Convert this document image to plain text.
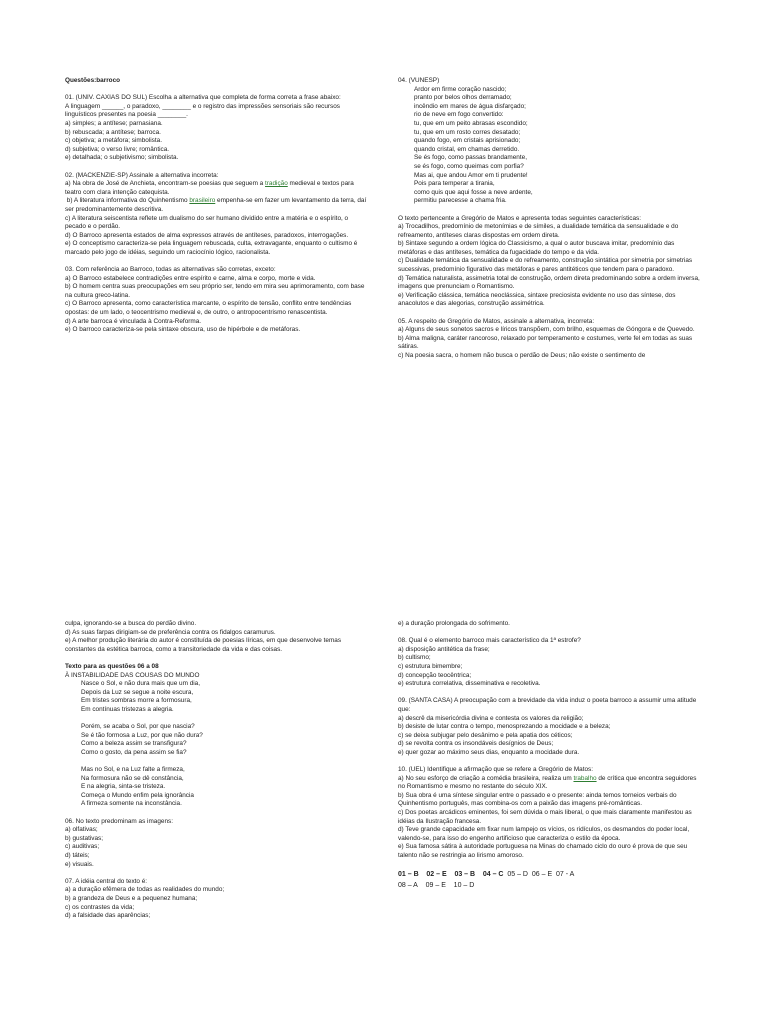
Questões:barroco

01. (UNIV. CAXIAS DO SUL) Escolha a alternativa que completa de forma correta a frase abaixo:

A linguagem ______, o paradoxo, ________ e o registro das impressões sensoriais são recursos linguísticos presentes na poesia ________.

a) simples; a antítese; parnasiana.

b) rebuscada; a antítese; barroca.

c) objetiva; a metáfora; simbolista.

d) subjetiva; o verso livre; romântica.

e) detalhada; o subjetivismo; simbolista.

02. (MACKENZIE-SP) Assinale a alternativa incorreta:

a) Na obra de José de Anchieta, encontram-se poesias que seguem a tradição medieval e textos para teatro com clara intenção catequista.

b) A literatura informativa do Quinhentismo brasileiro empenha-se em fazer um levantamento da terra, daí ser predominantemente descritiva.

c) A literatura seiscentista reflete um dualismo do ser humano dividido entre a matéria e o espírito, o pecado e o perdão.

d) O Barroco apresenta estados de alma expressos através de antíteses, paradoxos, interrogações.

e) O conceptismo caracteriza-se pela linguagem rebuscada, culta, extravagante, enquanto o cultismo é marcado pelo jogo de idéias, seguindo um raciocínio lógico, racionalista.

03. Com referência ao Barroco, todas as alternativas são corretas, exceto:

a) O Barroco estabelece contradições entre espírito e carne, alma e corpo, morte e vida.

b) O homem centra suas preocupações em seu próprio ser, tendo em mira seu aprimoramento, com base na cultura greco-latina.

c) O Barroco apresenta, como característica marcante, o espírito de tensão, conflito entre tendências opostas: de um lado, o teocentrismo medieval e, de outro, o antropocentrismo renascentista.

d) A arte barroca é vinculada à Contra-Reforma.

e) O barroco caracteriza-se pela sintaxe obscura, uso de hipérbole e de metáforas.

04. (VUNESP)

Ardor em firme coração nascido;

pranto por belos olhos derramado;

incêndio em mares de água disfarçado;

rio de neve em fogo convertido:

tu, que em um peito abrasas escondido;

tu, que em um rosto corres desatado;

quando fogo, em cristais aprisionado;

quando cristal, em chamas derretido.

Se és fogo, como passas brandamente,

se és fogo, como queimas com porfia?

Mas ai, que andou Amor em ti prudente!

Pois para temperar a tirania,

como quis que aqui fosse a neve ardente,

permitiu parecesse a chama fria.

O texto pertencente a Gregório de Matos e apresenta todas seguintes características:

a) Trocadilhos, predomínio de metonímias e de símiles, a dualidade temática da sensualidade e do refreamento, antíteses claras dispostas em ordem direta.

b) Sintaxe segundo a ordem lógica do Classicismo, a qual o autor buscava imitar, predomínio das metáforas e das antíteses, temática da fugacidade do tempo e da vida.

c) Dualidade temática da sensualidade e do refreamento, construção sintática por simetria por simetrias sucessivas, predomínio figurativo das metáforas e pares antitéticos que tendem para o paradoxo.

d) Temática naturalista, assimetria total de construção, ordem direta predominando sobre a ordem inversa, imagens que prenunciam o Romantismo.

e) Verificação clássica, temática neoclássica, sintaxe preciosista evidente no uso das síntese, dos anacolutos e das alegorias, construção assimétrica.

05. A respeito de Gregório de Matos, assinale a alternativa, incorreta:

a) Alguns de seus sonetos sacros e líricos transpõem, com brilho, esquemas de Góngora e de Quevedo.

b) Alma maligna, caráter rancoroso, relaxado por temperamento e costumes, verte fel em todas as suas sátiras.

c) Na poesia sacra, o homem não busca o perdão de Deus; não existe o sentimento de

culpa, ignorando-se a busca do perdão divino.

d) As suas farpas dirigiam-se de preferência contra os fidalgos caramurus.

e) A melhor produção literária do autor é constituída de poesias líricas, em que desenvolve temas constantes da estética barroca, como a transitoriedade da vida e das coisas.

Texto para as questões 06 a 08

À INSTABILIDADE DAS COUSAS DO MUNDO

Nasce o Sol, e não dura mais que um dia,

Depois da Luz se segue a noite escura,

Em tristes sombras morre a formosura,

Em contínuas tristezas a alegria.

Porém, se acaba o Sol, por que nascia?

Se é tão formosa a Luz, por que não dura?

Como a beleza assim se transfigura?

Como o gosto, da pena assim se fia?

Mas no Sol, e na Luz falte a firmeza,

Na formosura não se dê constância,

E na alegria, sinta-se tristeza.

Começa o Mundo enfim pela ignorância

A firmeza somente na inconstância.

06. No texto predominam as imagens:

a) olfativas;

b) gustativas;

c) auditivas;

d) táteis;

e) visuais.

07. A idéia central do texto é:

a) a duração efêmera de todas as realidades do mundo;

b) a grandeza de Deus e a pequenez humana;

c) os contrastes da vida;

d) a falsidade das aparências;

e) a duração prolongada do sofrimento.

08. Qual é o elemento barroco mais característico da 1ª estrofe?

a) disposição antitética da frase;

b) cultismo;

c) estrutura bimembre;

d) concepção teocêntrica;

e) estrutura correlativa, disseminativa e recoletiva.

09. (SANTA CASA) A preocupação com a brevidade da vida induz o poeta barroco a assumir uma atitude que:

a) descrê da misericórdia divina e contesta os valores da religião;

b) desiste de lutar contra o tempo, menosprezando a mocidade e a beleza;

c) se deixa subjugar pelo desânimo e pela apatia dos céticos;

d) se revolta contra os insondáveis desígnios de Deus;

e) quer gozar ao máximo seus dias, enquanto a mocidade dura.

10. (UEL) Identifique a afirmação que se refere a Gregório de Matos:

a) No seu esforço de criação a comédia brasileira, realiza um trabalho de crítica que encontra seguidores no Romantismo e mesmo no restante do século XIX.

b) Sua obra é uma síntese singular entre o passado e o presente: ainda temos torneios verbais do Quinhentismo português, mas combina-os com a paixão das imagens pré-românticas.

c) Dos poetas arcádicos eminentes, foi sem dúvida o mais liberal, o que mais claramente manifestou as idéias da Ilustração francesa.

d) Teve grande capacidade em fixar num lampejo os vícios, os ridículos, os desmandos do poder local, valendo-se, para isso do engenho artificioso que caracteriza o estilo da época.

e) Sua famosa sátira à autoridade portuguesa na Minas do chamado ciclo do ouro é prova de que seu talento não se restringia ao lirismo amoroso.

01 – B 02 – E 03 – B 04 – C 05 – D 06 – E 07 - A
08 – A 09 – E 10 – D
